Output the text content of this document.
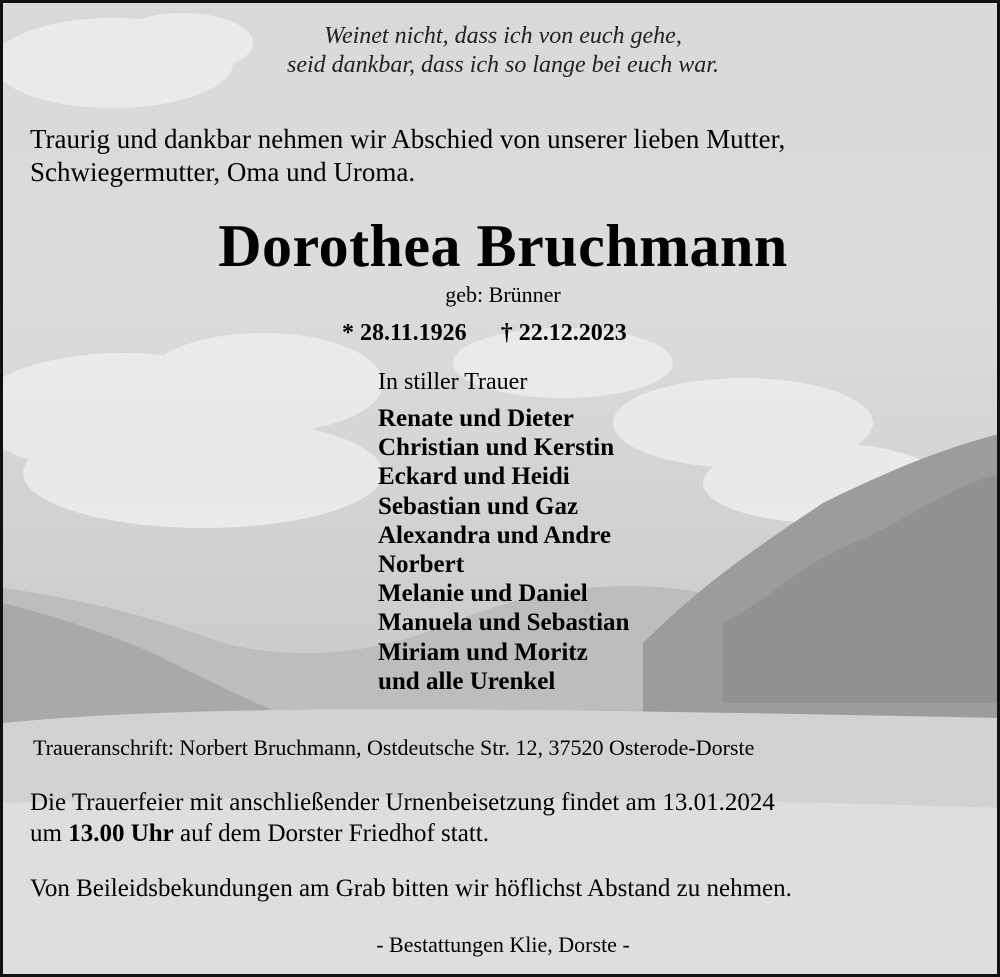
Weinet nicht, dass ich von euch gehe,
seid dankbar, dass ich so lange bei euch war.

Traurig und dankbar nehmen wir Abschied von unserer lieben Mutter,
Schwiegermutter, Oma und Uroma.

Dorothea Bruchmann

geb: Brünner

* 28.11.1926 † 22.12.2023

In stiller Trauer

Renate und Dieter
Christian und Kerstin
Eckard und Heidi
Sebastian und Gaz
Alexandra und Andre
Norbert
Melanie und Daniel
Manuela und Sebastian
Miriam und Moritz
und alle Urenkel

Traueranschrift: Norbert Bruchmann, Ostdeutsche Str. 12, 37520 Osterode-Dorste

Die Trauerfeier mit anschließender Urnenbeisetzung findet am 13.01.2024
um 13.00 Uhr auf dem Dorster Friedhof statt.

Von Beileidsbekundungen am Grab bitten wir höflichst Abstand zu nehmen.

- Bestattungen Klie, Dorste -
